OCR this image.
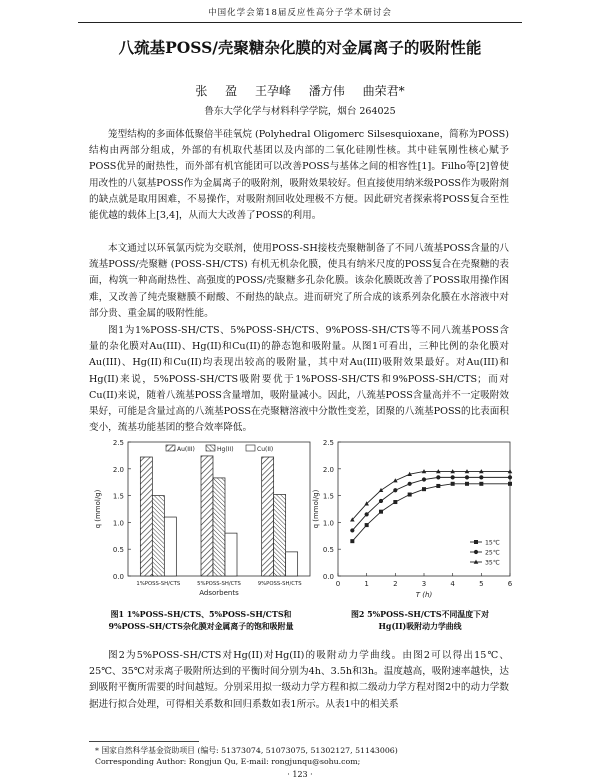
中国化学会第18届反应性高分子学术研讨会
八巯基POSS/壳聚糖杂化膜的对金属离子的吸附性能
张 盈 王孕峰 潘方伟 曲荣君*
鲁东大学化学与材料科学学院，烟台 264025
笼型结构的多面体低聚倍半硅氧烷 (Polyhedral Oligomerc Silsesquioxane，简称为POSS) 结构由两部分组成，外部的有机取代基团以及内部的二氧化硅刚性核。其中硅氧刚性核心赋予POSS优异的耐热性，而外部有机官能团可以改善POSS与基体之间的相容性[1]。Filho等[2]曾使用改性的八氨基POSS作为金属离子的吸附剂，吸附效果较好。但直接使用纳米级POSS作为吸附剂的缺点就是取用困难，不易操作，对吸附剂回收处理极不方便。因此研究者探索将POSS复合至性能优越的载体上[3,4]，从而大大改善了POSS的利用。
本文通过以环氧氯丙烷为交联剂，使用POSS-SH接枝壳聚糖制备了不同八巯基POSS含量的八巯基POSS/壳聚糖 (POSS-SH/CTS) 有机无机杂化膜，使具有纳米尺度的POSS复合在壳聚糖的表面，构筑一种高耐热性、高强度的POSS/壳聚糖多孔杂化膜。该杂化膜既改善了POSS取用操作困难，又改善了纯壳聚糖膜不耐酸、不耐热的缺点。进而研究了所合成的该系列杂化膜在水溶液中对部分贵、重金属的吸附性能。
图1为1%POSS-SH/CTS、5%POSS-SH/CTS、9%POSS-SH/CTS等不同八巯基POSS含量的杂化膜对Au(III)、Hg(II)和Cu(II)的静态饱和吸附量。从图1可看出，三种比例的杂化膜对Au(III)、Hg(II)和Cu(II)均表现出较高的吸附量，其中对Au(III)吸附效果最好。对Au(III)和Hg(II)来说，5%POSS-SH/CTS吸附要优于1%POSS-SH/CTS和9%POSS-SH/CTS；而对Cu(II)来说，随着八巯基POSS含量增加，吸附量减小。因此，八巯基POSS含量高并不一定吸附效果好，可能是含量过高的八巯基POSS在壳聚糖溶液中分散性变差，团聚的八巯基POSS的比表面积变小，巯基功能基团的整合效率降低。
0.0
0.5
1.0
1.5
2.0
2.5
1%POSS-SH/CTS	5%POSS-SH/CTS	9%POSS-SH/CTS
Adsorbents
q (mmol/g)
Au(III)	Hg(II)	Cu(II)
0.0
0.5
1.0
1.5
2.0
2.5
0	1	2	3	4	5	6
T (h)
q (mmol/g)
15℃
25℃
35℃
图1 1%POSS-SH/CTS、5%POSS-SH/CTS和9%POSS-SH/CTS杂化膜对金属离子的饱和吸附量
图2 5%POSS-SH/CTS不同温度下对Hg(II)吸附动力学曲线
图2为5%POSS-SH/CTS对Hg(II)对Hg(II)的吸附动力学曲线。由图2可以得出15℃、25℃、35℃对汞离子吸附所达到的平衡时间分别为4h、3.5h和3h。温度越高，吸附速率越快，达到吸附平衡所需要的时间越短。分别采用拟一级动力学方程和拟二级动力学方程对图2中的动力学数据进行拟合处理，可得相关系数和回归系数如表1所示。从表1中的相关系
* 国家自然科学基金资助项目 (编号: 51373074, 51073075, 51302127, 51143006)
Corresponding Author: Rongjun Qu, E-mail: rongjunqu@sohu.com;
· 123 ·
